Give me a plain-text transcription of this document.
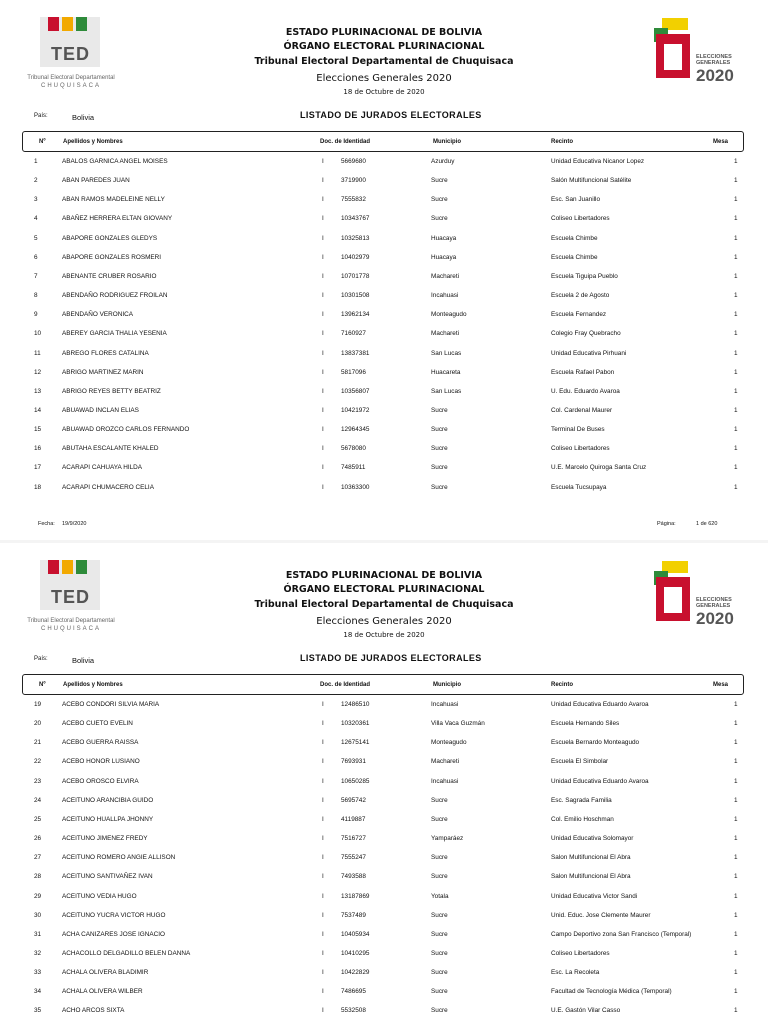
TED
Tribunal Electoral Departamental
CHUQUISACA
ELECCIONES
GENERALES
2020
ESTADO PLURINACIONAL DE BOLIVIA
ÓRGANO ELECTORAL PLURINACIONAL
Tribunal Electoral Departamental de Chuquisaca
Elecciones Generales 2020
18 de Octubre de 2020
País:	Bolivia	LISTADO DE JURADOS ELECTORALES
Nº	Apellidos y Nombres	Doc. de Identidad	Municipio	Recinto	Mesa
1	ABALOS GARNICA ANGEL MOISES	I	5669680	Azurduy	Unidad Educativa Nicanor Lopez	1
2	ABAN PAREDES JUAN	I	3719900	Sucre	Salón Multifuncional Satélite	1
3	ABAN RAMOS MADELEINE NELLY	I	7555832	Sucre	Esc. San Juanillo	1
4	ABAÑEZ HERRERA ELTAN GIOVANY	I	10343767	Sucre	Coliseo Libertadores	1
5	ABAPORE GONZALES GLEDYS	I	10325813	Huacaya	Escuela Chimbe	1
6	ABAPORE GONZALES ROSMERI	I	10402979	Huacaya	Escuela Chimbe	1
7	ABENANTE CRUBER ROSARIO	I	10701778	Machareti	Escuela Tiguipa Pueblo	1
8	ABENDAÑO RODRIGUEZ FROILAN	I	10301508	Incahuasi	Escuela 2 de Agosto	1
9	ABENDAÑO VERONICA	I	13962134	Monteagudo	Escuela Fernandez	1
10	ABEREY GARCIA THALIA YESENIA	I	7160927	Machareti	Colegio Fray Quebracho	1
11	ABREGO FLORES CATALINA	I	13837381	San Lucas	Unidad Educativa Pirhuani	1
12	ABRIGO MARTINEZ MARIN	I	5817096	Huacareta	Escuela Rafael Pabon	1
13	ABRIGO REYES BETTY BEATRIZ	I	10356807	San Lucas	U. Edu. Eduardo Avaroa	1
14	ABUAWAD INCLAN ELIAS	I	10421972	Sucre	Col. Cardenal Maurer	1
15	ABUAWAD OROZCO CARLOS FERNANDO	I	12964345	Sucre	Terminal De Buses	1
16	ABUTAHA ESCALANTE KHALED	I	5678080	Sucre	Coliseo Libertadores	1
17	ACARAPI CAHUAYA HILDA	I	7485911	Sucre	U.E. Marcelo Quiroga Santa Cruz	1
18	ACARAPI CHUMACERO CELIA	I	10363300	Sucre	Escuela Tucsupaya	1
Fecha: 19/9/2020	Página:	1 de 620
TED
Tribunal Electoral Departamental
CHUQUISACA
ELECCIONES
GENERALES
2020
ESTADO PLURINACIONAL DE BOLIVIA
ÓRGANO ELECTORAL PLURINACIONAL
Tribunal Electoral Departamental de Chuquisaca
Elecciones Generales 2020
18 de Octubre de 2020
País:	Bolivia	LISTADO DE JURADOS ELECTORALES
Nº	Apellidos y Nombres	Doc. de Identidad	Municipio	Recinto	Mesa
19	ACEBO CONDORI SILVIA MARIA	I	12486510	Incahuasi	Unidad Educativa Eduardo Avaroa	1
20	ACEBO CUETO EVELIN	I	10320361	Villa Vaca Guzmán	Escuela Hernando Siles	1
21	ACEBO GUERRA RAISSA	I	12675141	Monteagudo	Escuela Bernardo Monteagudo	1
22	ACEBO HONOR LUSIANO	I	7693931	Machareti	Escuela El Simbolar	1
23	ACEBO OROSCO ELVIRA	I	10650285	Incahuasi	Unidad Educativa Eduardo Avaroa	1
24	ACEITUNO ARANCIBIA GUIDO	I	5695742	Sucre	Esc. Sagrada Familia	1
25	ACEITUNO HUALLPA JHONNY	I	4119887	Sucre	Col. Emilio Hoschman	1
26	ACEITUNO JIMENEZ FREDY	I	7516727	Yamparáez	Unidad Educativa Solomayor	1
27	ACEITUNO ROMERO ANGIE ALLISON	I	7555247	Sucre	Salon Multifuncional El Abra	1
28	ACEITUNO SANTIVAÑEZ IVAN	I	7493588	Sucre	Salon Multifuncional El Abra	1
29	ACEITUNO VEDIA HUGO	I	13187869	Yotala	Unidad Educativa Victor Sandi	1
30	ACEITUNO YUCRA VICTOR HUGO	I	7537489	Sucre	Unid. Educ. Jose Clemente Maurer	1
31	ACHA CANIZARES JOSE IGNACIO	I	10405934	Sucre	Campo Deportivo zona San Francisco (Temporal)	1
32	ACHACOLLO DELGADILLO BELEN DANNA	I	10410295	Sucre	Coliseo Libertadores	1
33	ACHALA OLIVERA BLADIMIR	I	10422829	Sucre	Esc. La Recoleta	1
34	ACHALA OLIVERA WILBER	I	7486695	Sucre	Facultad de Tecnología Médica (Temporal)	1
35	ACHO ARCOS SIXTA	I	5532508	Sucre	U.E. Gastón Vilar Casso	1
